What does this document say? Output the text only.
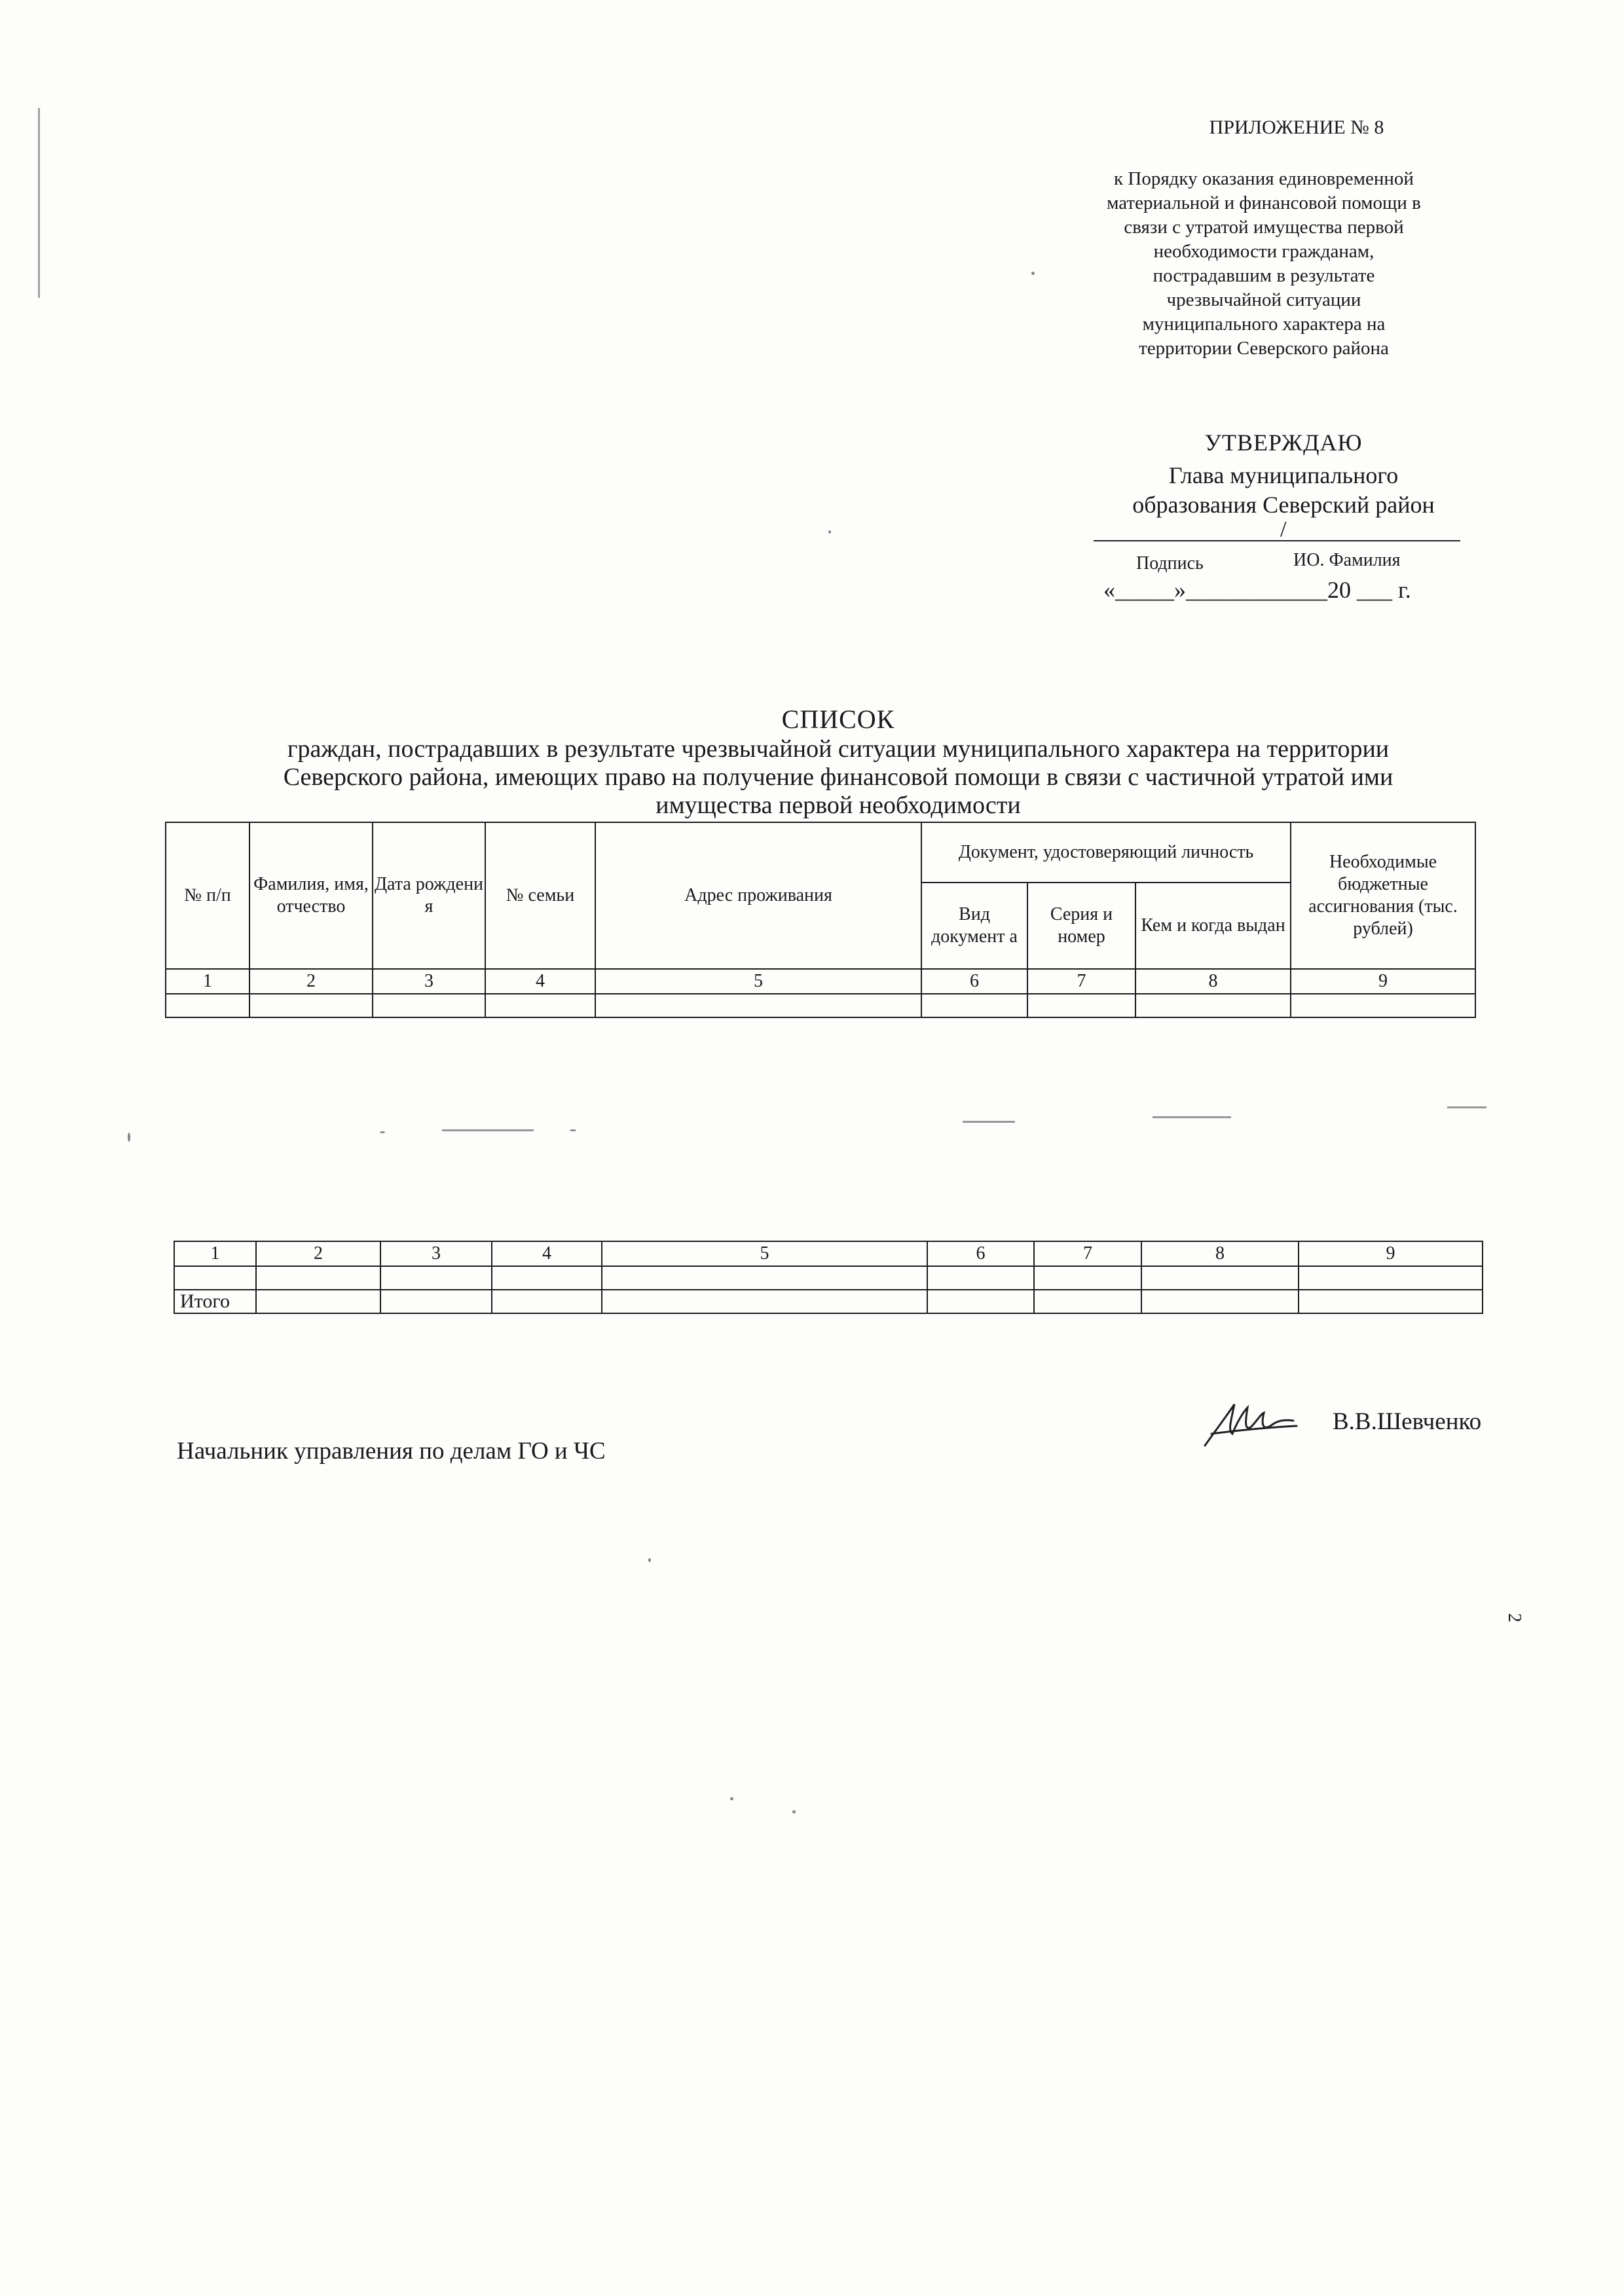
ПРИЛОЖЕНИЕ № 8
к Порядку оказания единовременной
материальной и финансовой помощи в
связи с утратой имущества первой
необходимости гражданам,
пострадавшим в результате
чрезвычайной ситуации
муниципального характера на
территории Северского района
УТВЕРЖДАЮ
Глава муниципального
образования Северский район
/
Подпись	ИО. Фамилия
«_____»____________20 ___ г.
СПИСОК
граждан, пострадавших в результате чрезвычайной ситуации муниципального характера на территории
Северского района, имеющих право на получение финансовой помощи в связи с частичной утратой ими
имущества первой необходимости
№ п/п	Фамилия, имя, отчество	Дата рождени я	№ семьи	Адрес проживания	Документ, удостоверяющий личность			Необходимые бюджетные ассигнования (тыс. рублей)
					Вид документ а	Серия и номер	Кем и когда выдан	
1	2	3	4	5	6	7	8	9

1	2	3	4	5	6	7	8	9

Итого								
Начальник управления по делам ГО и ЧС
В.В.Шевченко
2
